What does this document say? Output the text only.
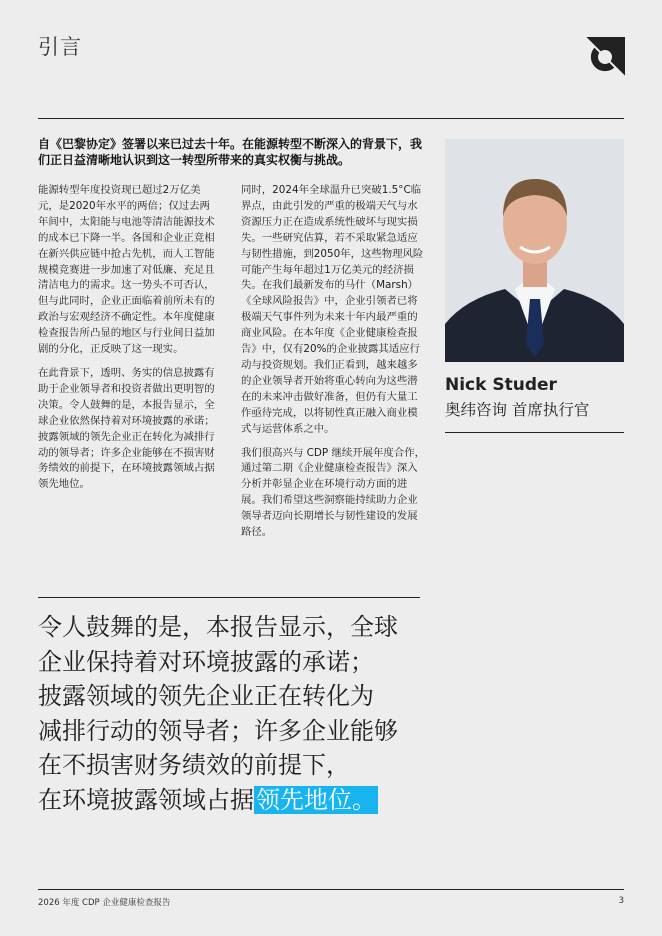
引言
自《巴黎协定》签署以来已过去十年。在能源转型不断深入的背景下，我们正日益清晰地认识到这一转型所带来的真实权衡与挑战。

能源转型年度投资现已超过2万亿美元，是2020年水平的两倍；仅过去两年间中，太阳能与电池等清洁能源技术的成本已下降一半。各国和企业正竞相在新兴供应链中抢占先机，而人工智能规模竞赛进一步加速了对低廉、充足且清洁电力的需求。这一势头不可否认，但与此同时，企业正面临着前所未有的政治与宏观经济不确定性。本年度健康检查报告所凸显的地区与行业间日益加剧的分化，正反映了这一现实。

在此背景下，透明、务实的信息披露有助于企业领导者和投资者做出更明智的决策。令人鼓舞的是，本报告显示，全球企业依然保持着对环境披露的承诺；披露领域的领先企业正在转化为减排行动的领导者；许多企业能够在不损害财务绩效的前提下，在环境披露领域占据领先地位。

同时，2024年全球温升已突破1.5°C临界点，由此引发的严重的极端天气与水资源压力正在造成系统性破坏与现实损失。一些研究估算，若不采取紧急适应与韧性措施，到2050年，这些物理风险可能产生每年超过1万亿美元的经济损失。在我们最新发布的马什（Marsh）《全球风险报告》中，企业引领者已将极端天气事件列为未来十年内最严重的商业风险。在本年度《企业健康检查报告》中，仅有20%的企业披露其适应行动与投资规划。我们正看到，越来越多的企业领导者开始将重心转向为这些潜在的未来冲击做好准备，但仍有大量工作亟待完成，以将韧性真正融入商业模式与运营体系之中。

我们很高兴与 CDP 继续开展年度合作，通过第二期《企业健康检查报告》深入分析并彰显企业在环境行动方面的进展。我们希望这些洞察能持续助力企业领导者迈向长期增长与韧性建设的发展路径。

Nick Studer
奥纬咨询 首席执行官
令人鼓舞的是，本报告显示，全球
企业保持着对环境披露的承诺；
披露领域的领先企业正在转化为
减排行动的领导者；许多企业能够
在不损害财务绩效的前提下，
在环境披露领域占据领先地位。
2026 年度 CDP 企业健康检查报告	3
